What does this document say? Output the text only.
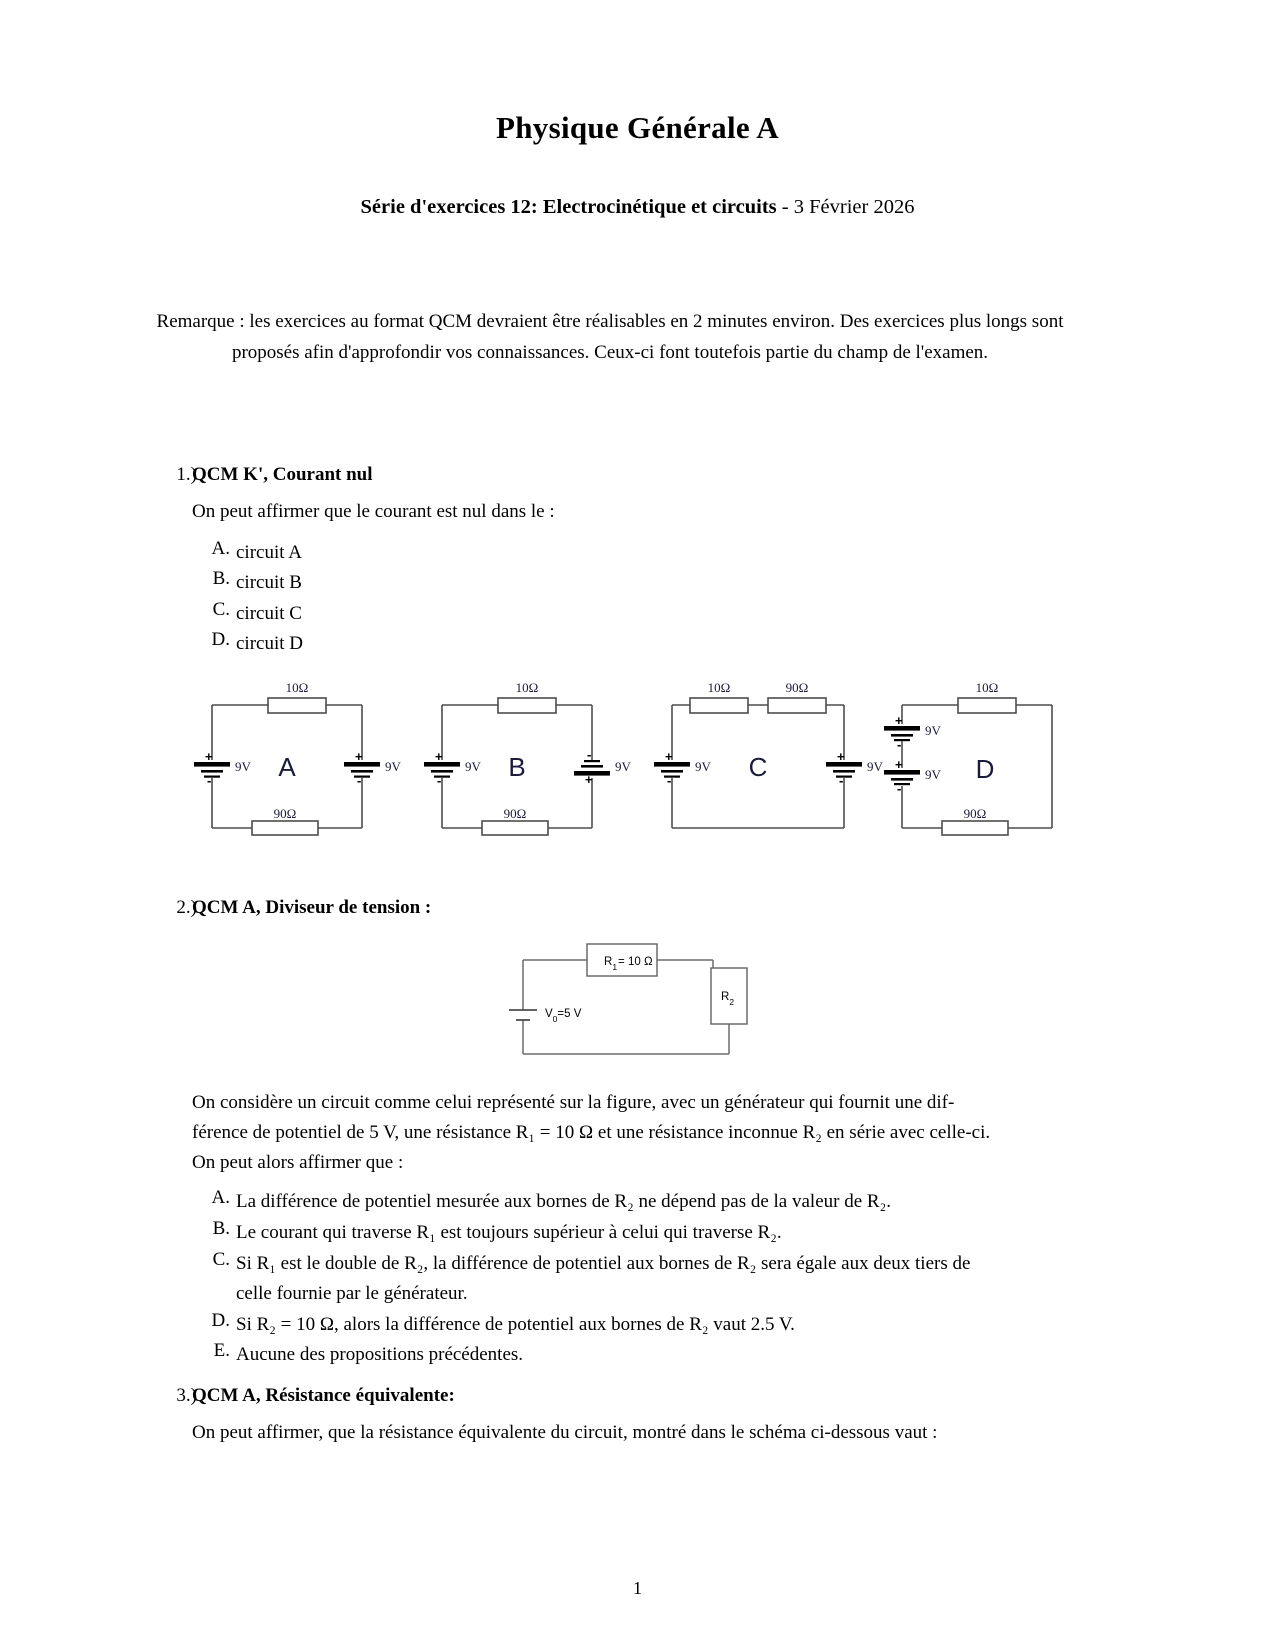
Physique Générale A
Série d'exercices 12: Electrocinétique et circuits - 3 Février 2026
Remarque : les exercices au format QCM devraient être réalisables en 2 minutes environ. Des exercices plus longs sont proposés afin d'approfondir vos connaissances. Ceux-ci font toutefois partie du champ de l'examen.
1.)
QCM K', Courant nul
On peut affirmer que le courant est nul dans le :
A. circuit A
B. circuit B
C. circuit C
D. circuit D
10Ω
90Ω
9V	9V
10Ω
90Ω
9V	9V
10Ω	90Ω
9V	9V
10Ω
90Ω
9V
9V
+
-
+
-
+
-
-
+
+
-
+
-
+
-
+
-
A	B	C	D
2.)
QCM A, Diviseur de tension :
$R_1= 10$ Ω
$V_0=5$ V
$R_2$
On considère un circuit comme celui représenté sur la figure, avec un générateur qui fournit une dif-
férence de potentiel de 5 V, une résistance R₁ = 10 Ω et une résistance inconnue R₂ en série avec celle-ci.
On peut alors affirmer que :
A. La différence de potentiel mesurée aux bornes de R₂ ne dépend pas de la valeur de R₂.
B. Le courant qui traverse R₁ est toujours supérieur à celui qui traverse R₂.
C. Si R₁ est le double de R₂, la différence de potentiel aux bornes de R₂ sera égale aux deux tiers de
celle fournie par le générateur.
D. Si R₂ = 10 Ω, alors la différence de potentiel aux bornes de R₂ vaut 2.5 V.
E. Aucune des propositions précédentes.
3.)
QCM A, Résistance équivalente:
On peut affirmer, que la résistance équivalente du circuit, montré dans le schéma ci-dessous vaut :
1
